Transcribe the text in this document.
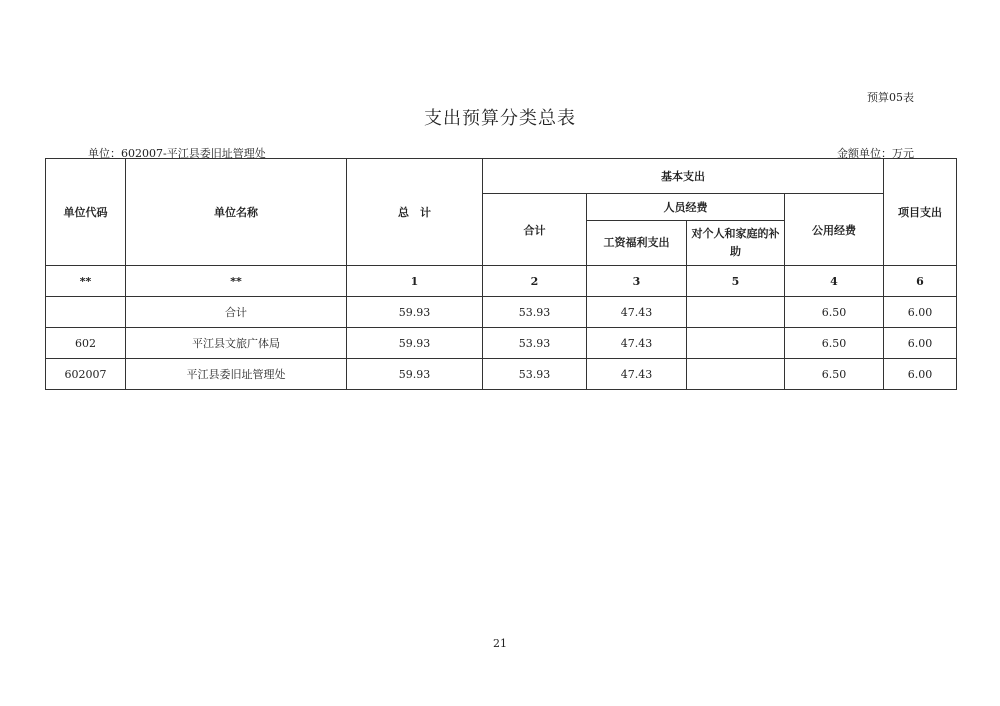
预算05表
支出预算分类总表
单位：602007-平江县委旧址管理处	金额单位：万元
单位代码	单位名称	总　计	基本支出				项目支出
			合计	人员经费		公用经费	
				工资福利支出	对个人和家庭的补助		
**	**	1	2	3	5	4	6
	合计	59.93	53.93	47.43		6.50	6.00
602	平江县文旅广体局	59.93	53.93	47.43		6.50	6.00
602007	平江县委旧址管理处	59.93	53.93	47.43		6.50	6.00
21
